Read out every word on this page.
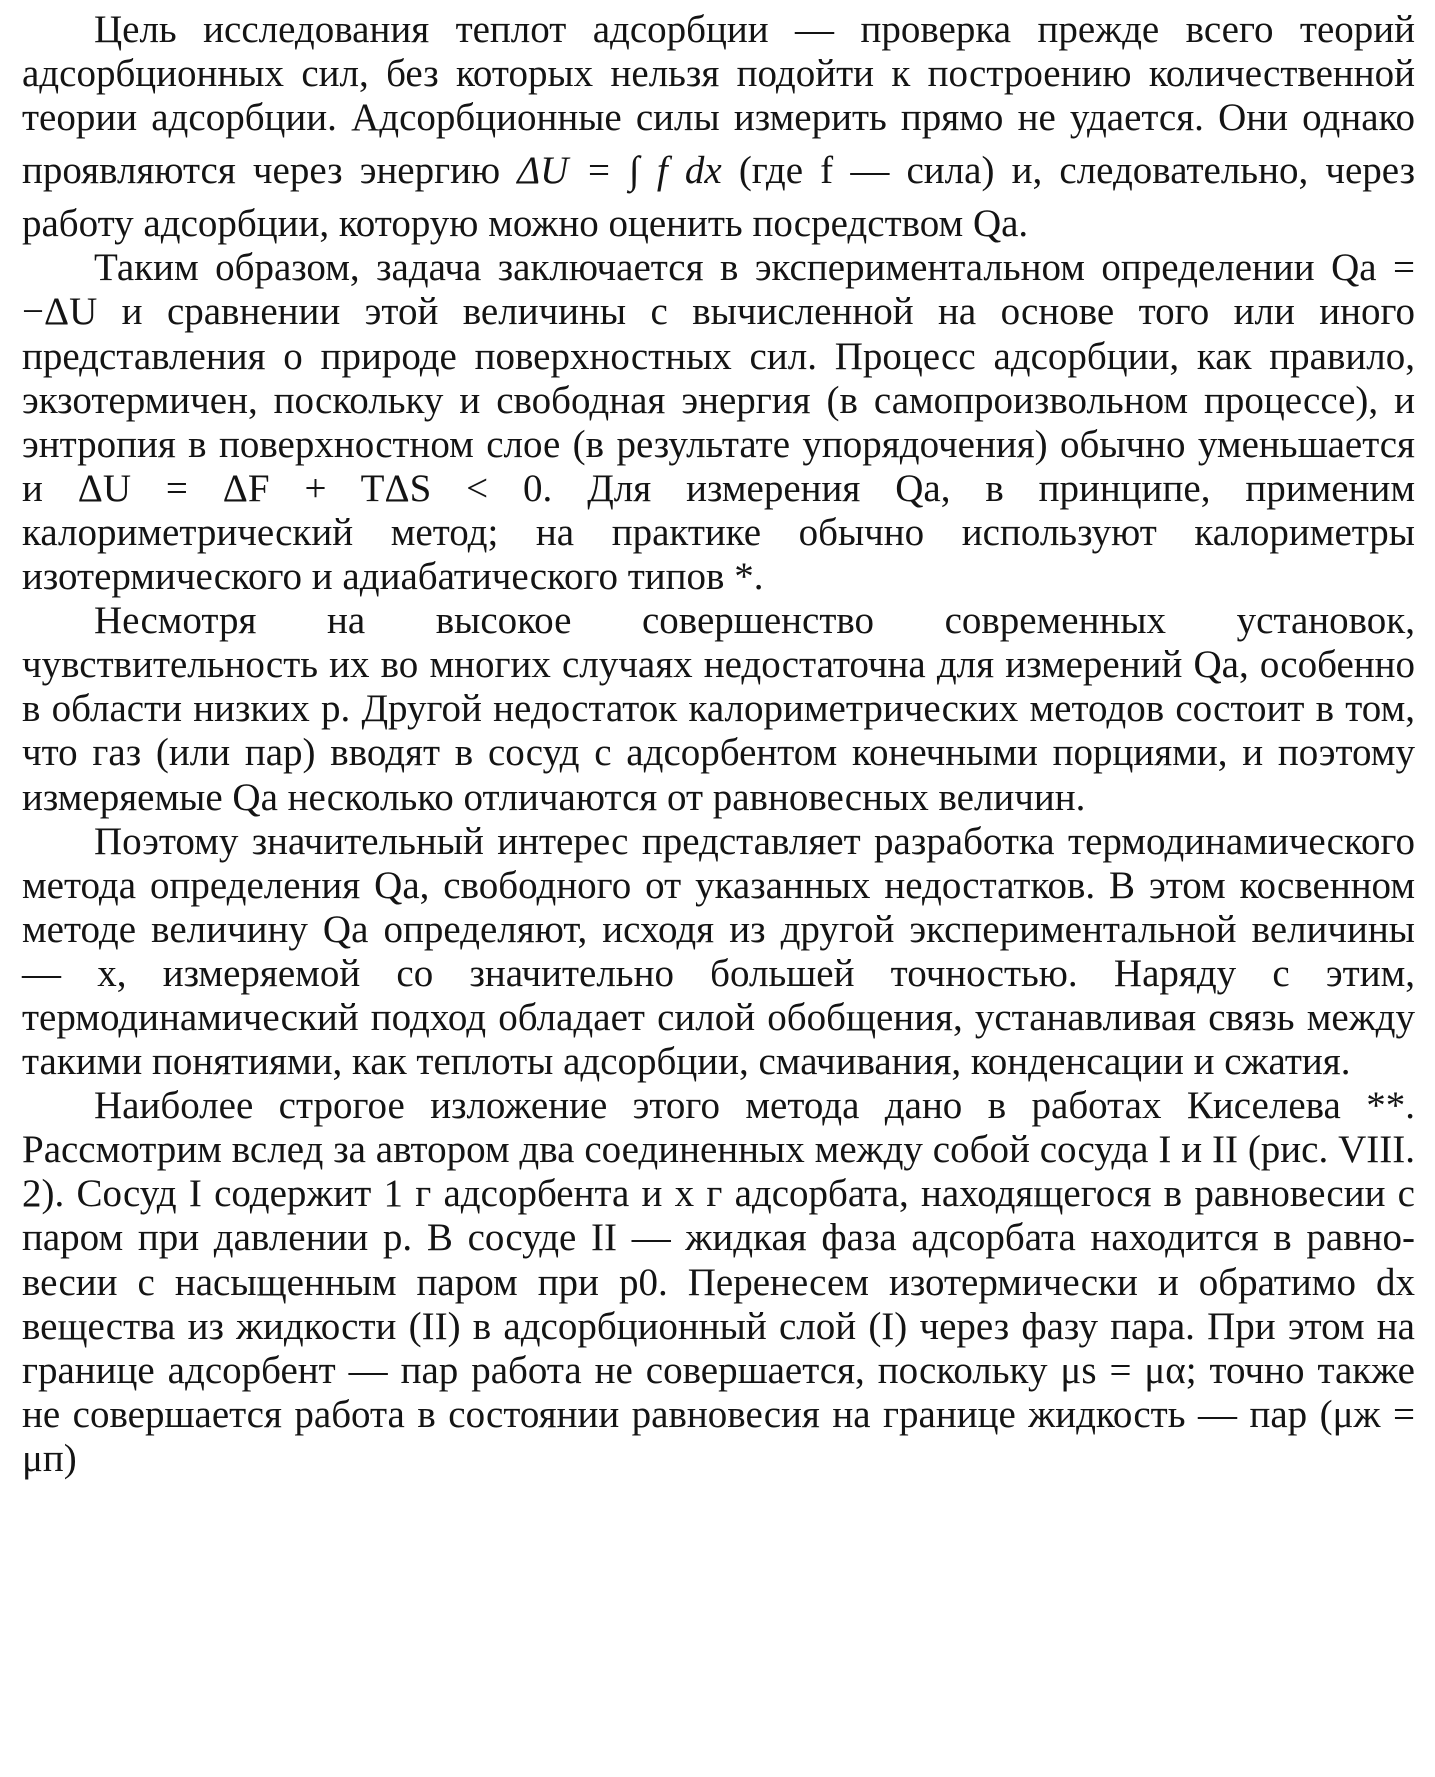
Цель исследования теплот адсорбции — проверка прежде всего теорий адсорбционных сил, без которых нельзя подойти к построению количественной теории адсорбции. Адсорбционные силы измерить прямо не удается. Они однако проявляются через энергию ΔU = ∫ f dx (где f — сила) и, следовательно, через работу адсорбции, которую можно оценить посредством Qa.

Таким образом, задача заключается в экспериментальном определении Qa = −ΔU и сравнении этой величины с вычисленной на основе того или иного представления о природе поверхностных сил. Процесс адсорбции, как правило, экзотермичен, поскольку и свободная энергия (в самопроизвольном процессе), и энтропия в поверхностном слое (в результате упорядочения) обычно уменьшается и ΔU = ΔF + TΔS < 0. Для измерения Qa, в принципе, применим калориметрический метод; на практике обычно используют калориметры изотермического и адиабатического типов *.

Несмотря на высокое совершенство современных установок, чувствительность их во многих случаях недостаточна для измерений Qa, особенно в области низких p. Другой недостаток калориметрических методов состоит в том, что газ (или пар) вводят в сосуд с адсорбентом конечными порциями, и поэтому измеряемые Qa несколько отличаются от равновесных величин.

Поэтому значительный интерес представляет разработка термодинамического метода определения Qa, свободного от указанных недостатков. В этом косвенном методе величину Qa определяют, исходя из другой экспериментальной величины — x, измеряемой со значительно большей точностью. Наряду с этим, термодинамический подход обладает силой обобщения, устанавливая связь между такими понятиями, как теплоты адсорбции, смачивания, конденсации и сжатия.

Наиболее строгое изложение этого метода дано в работах Киселева **. Рассмотрим вслед за автором два соединенных между собой сосуда I и II (рис. VIII. 2). Сосуд I содержит 1 г адсорбента и x г адсорбата, находящегося в равновесии с паром при давлении p. В сосуде II — жидкая фаза адсорбата находится в равновесии с насыщенным паром при p0. Перенесем изотермически и обратимо dx вещества из жидкости (II) в адсорбционный слой (I) через фазу пара. При этом на границе адсорбент — пар работа не совершается, поскольку μs = μα; точно также не совершается работа в состоянии равновесия на границе жидкость — пар (μж = μп)
